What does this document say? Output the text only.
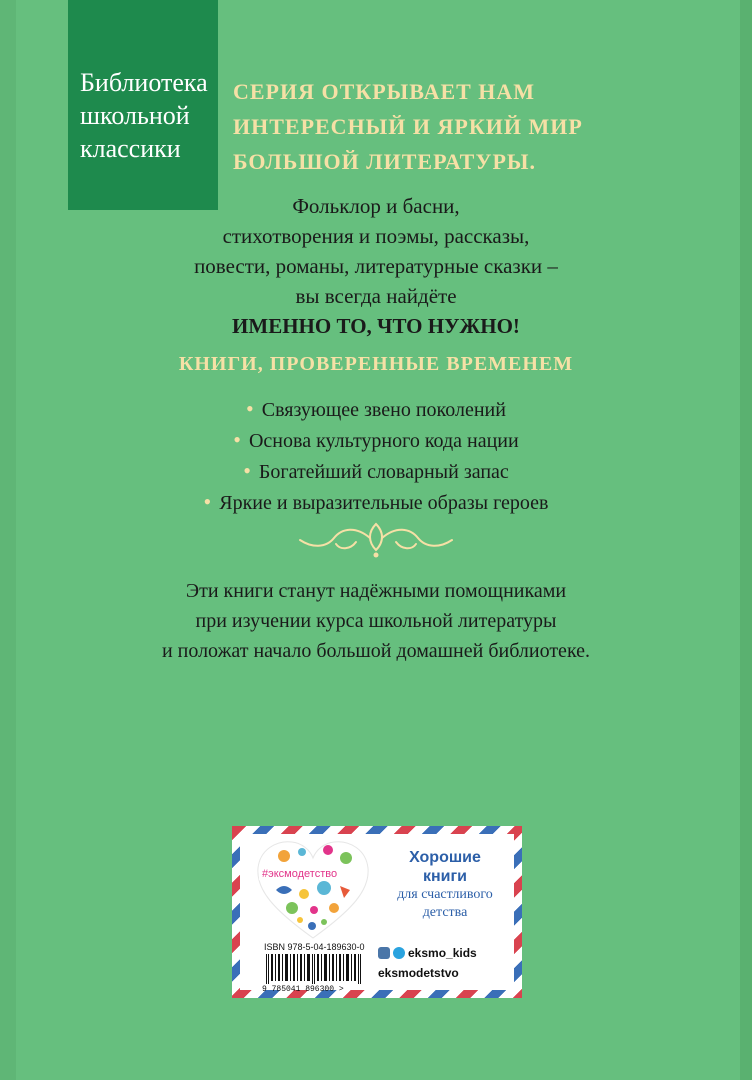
Библиотека
школьной
классики
СЕРИЯ ОТКРЫВАЕТ НАМ
ИНТЕРЕСНЫЙ И ЯРКИЙ МИР
БОЛЬШОЙ ЛИТЕРАТУРЫ.
Фольклор и басни,
стихотворения и поэмы, рассказы,
повести, романы, литературные сказки –
вы всегда найдёте
ИМЕННО ТО, ЧТО НУЖНО!
КНИГИ, ПРОВЕРЕННЫЕ ВРЕМЕНЕМ
• Связующее звено поколений
• Основа культурного кода нации
• Богатейший словарный запас
• Яркие и выразительные образы героев
Эти книги станут надёжными помощниками
при изучении курса школьной литературы
и положат начало большой домашней библиотеке.
#эксмодетство
Хорошие
книги
для счастливого
детства
ISBN 978-5-04-189630-0
9 785041 896300 >
eksmo_kids
eksmodetstvo
